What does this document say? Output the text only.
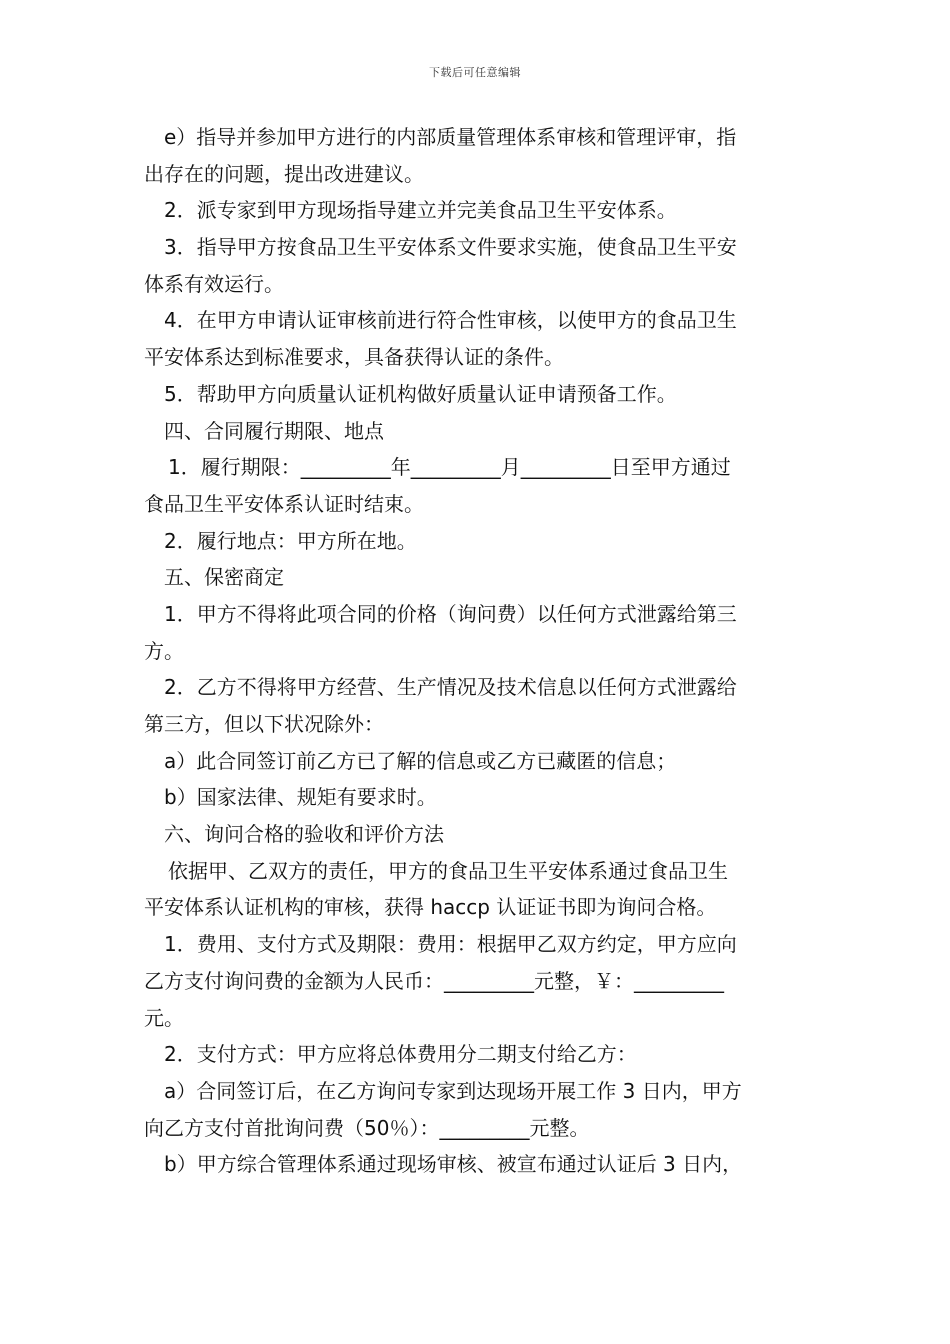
下载后可任意编辑
e）指导并参加甲方进行的内部质量管理体系审核和管理评审，指
出存在的问题，提出改进建议。
2．派专家到甲方现场指导建立并完美食品卫生平安体系。
3．指导甲方按食品卫生平安体系文件要求实施，使食品卫生平安
体系有效运行。
4．在甲方申请认证审核前进行符合性审核，以使甲方的食品卫生
平安体系达到标准要求，具备获得认证的条件。
5．帮助甲方向质量认证机构做好质量认证申请预备工作。
四、合同履行期限、地点
1．履行期限：_________年_________月_________日至甲方通过
食品卫生平安体系认证时结束。
2．履行地点：甲方所在地。
五、保密商定
1．甲方不得将此项合同的价格（询问费）以任何方式泄露给第三
方。
2．乙方不得将甲方经营、生产情况及技术信息以任何方式泄露给
第三方，但以下状况除外：
a）此合同签订前乙方已了解的信息或乙方已藏匿的信息；
b）国家法律、规矩有要求时。
六、询问合格的验收和评价方法
依据甲、乙双方的责任，甲方的食品卫生平安体系通过食品卫生
平安体系认证机构的审核，获得 haccp 认证证书即为询问合格。
1．费用、支付方式及期限：费用：根据甲乙双方约定，甲方应向
乙方支付询问费的金额为人民币：_________元整，￥：_________
元。
2．支付方式：甲方应将总体费用分二期支付给乙方：
a）合同签订后，在乙方询问专家到达现场开展工作 3 日内，甲方
向乙方支付首批询问费（50％）：_________元整。
b）甲方综合管理体系通过现场审核、被宣布通过认证后 3 日内，
